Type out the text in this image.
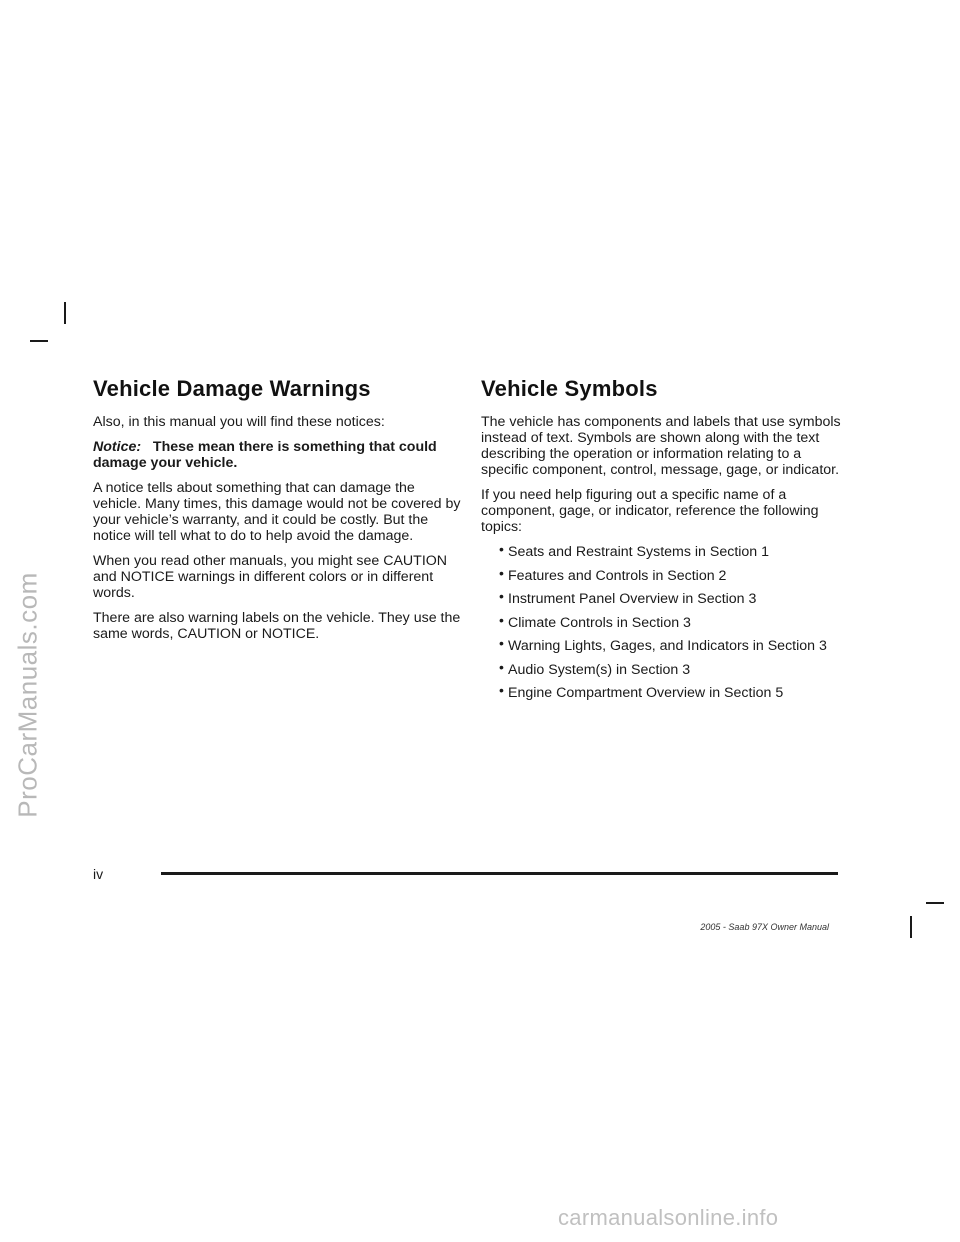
ProCarManuals.com
Vehicle Damage Warnings

Also, in this manual you will find these notices:

Notice: These mean there is something that could damage your vehicle.

A notice tells about something that can damage the vehicle. Many times, this damage would not be covered by your vehicle’s warranty, and it could be costly. But the notice will tell what to do to help avoid the damage.

When you read other manuals, you might see CAUTION and NOTICE warnings in different colors or in different words.

There are also warning labels on the vehicle. They use the same words, CAUTION or NOTICE.

Vehicle Symbols

The vehicle has components and labels that use symbols instead of text. Symbols are shown along with the text describing the operation or information relating to a specific component, control, message, gage, or indicator.

If you need help figuring out a specific name of a component, gage, or indicator, reference the following topics:

• Seats and Restraint Systems in Section 1
• Features and Controls in Section 2
• Instrument Panel Overview in Section 3
• Climate Controls in Section 3
• Warning Lights, Gages, and Indicators in Section 3
• Audio System(s) in Section 3
• Engine Compartment Overview in Section 5
iv
2005 - Saab 97X Owner Manual
carmanualsonline.info
